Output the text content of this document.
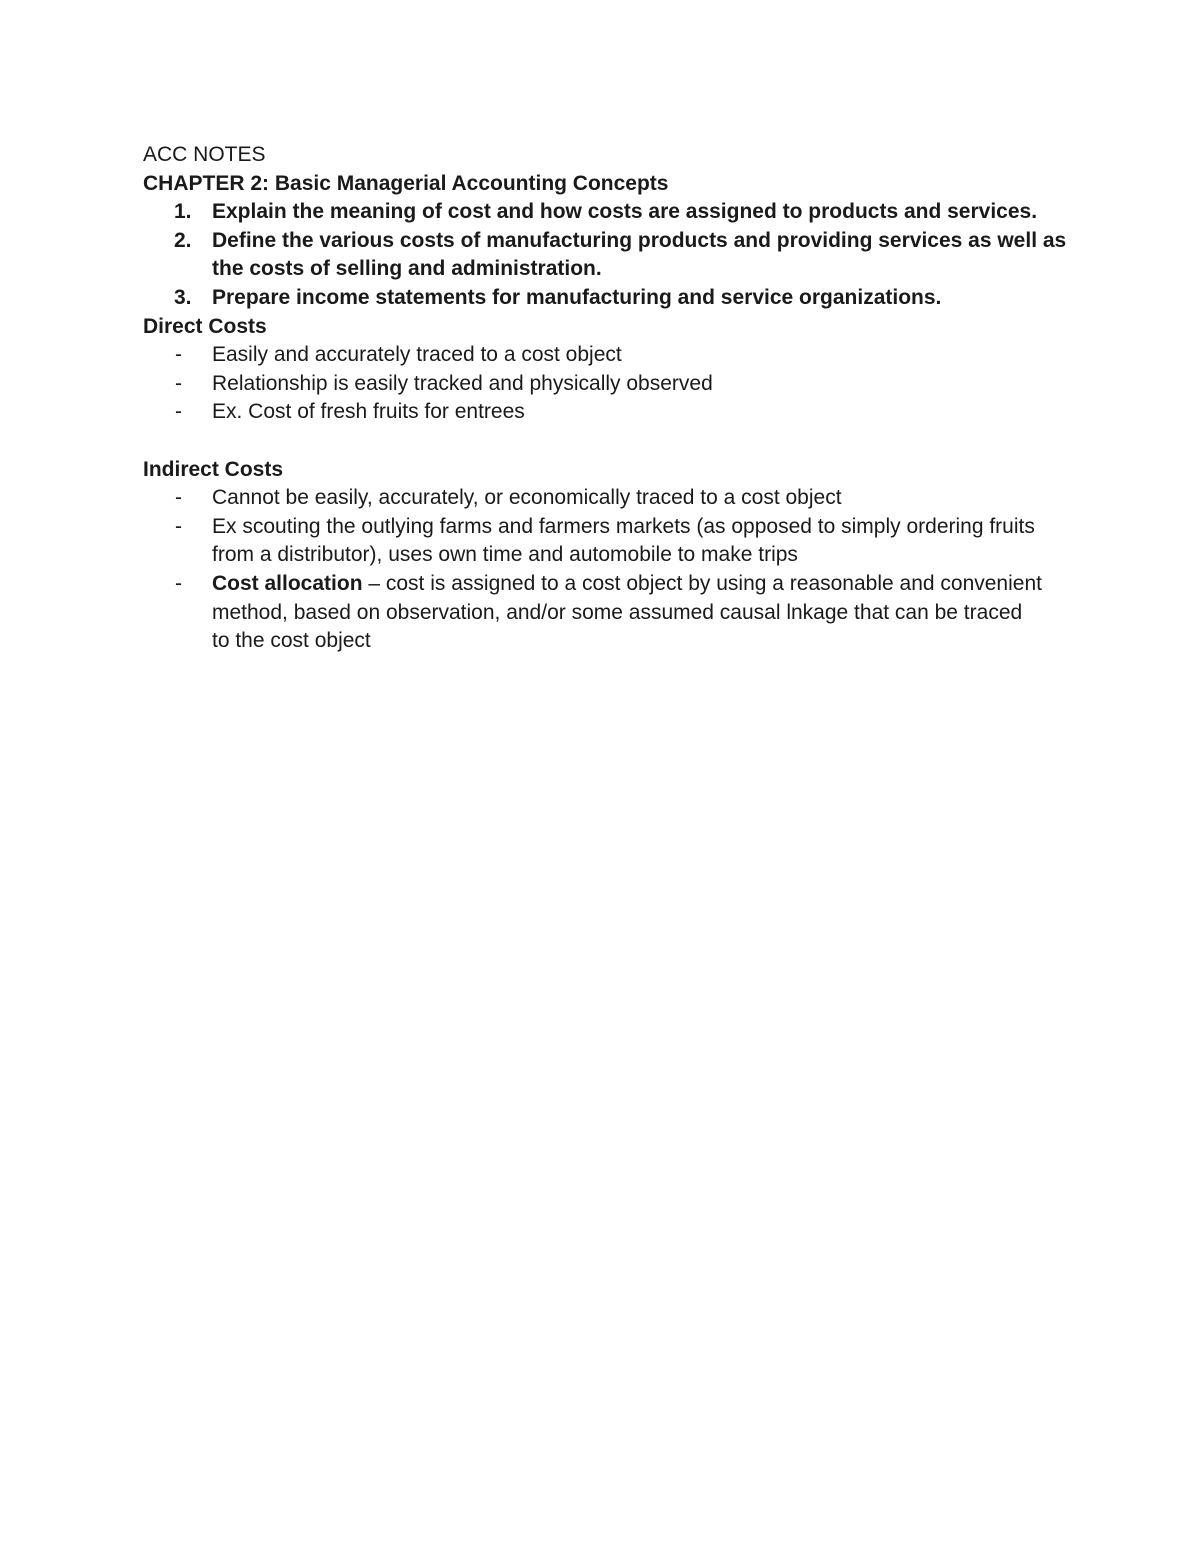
ACC NOTES
CHAPTER 2: Basic Managerial Accounting Concepts
1. Explain the meaning of cost and how costs are assigned to products and services.
2. Define the various costs of manufacturing products and providing services as well as
the costs of selling and administration.
3. Prepare income statements for manufacturing and service organizations.
Direct Costs
- Easily and accurately traced to a cost object
- Relationship is easily tracked and physically observed
- Ex. Cost of fresh fruits for entrees
Indirect Costs
- Cannot be easily, accurately, or economically traced to a cost object
- Ex scouting the outlying farms and farmers markets (as opposed to simply ordering fruits
from a distributor), uses own time and automobile to make trips
- Cost allocation – cost is assigned to a cost object by using a reasonable and convenient
method, based on observation, and/or some assumed causal lnkage that can be traced
to the cost object
